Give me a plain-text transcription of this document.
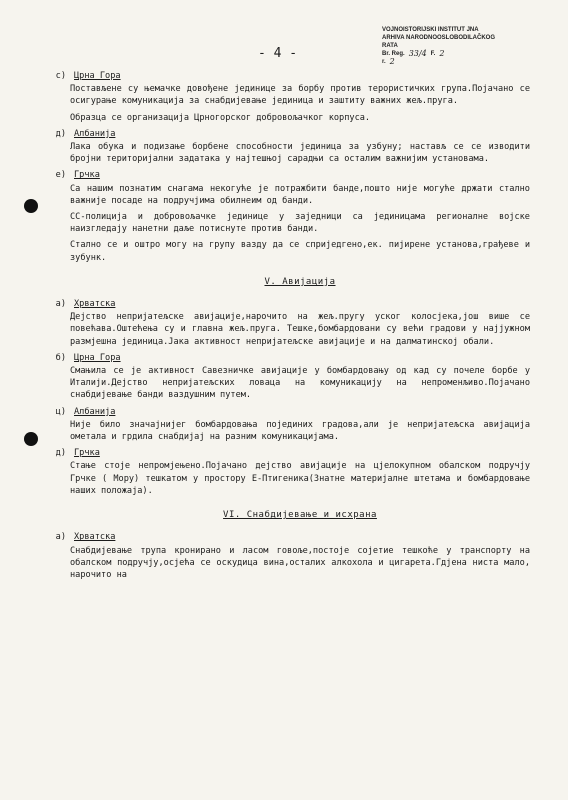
VOJNOISTORIJSKI INSTITUT JNA
ARHIVA NARODNOOSLOBODILAČKOG RATA
Br. Reg. 33/4 F. 2
r. 2
- 4 -
c) Црна Гора
Постављене су њемачке довођене јединице за борбу против терористичких група.Појачано се осигурање комуникација за снабдијевање јединица и заштиту важних жељ.пруга.
Образца се организација Црногорског добровољачког корпуса.
д) Албанија
Лака обука и подизање борбене способности јединица за узбуну; настављ се се изводити бројни територијални задатака у најтешњој сарадњи са осталим важнијим установама.
е) Грчка
Са нашим познатим снагама некогуће је потражбити банде,пошто није могуће држати стално важније посаде на подручјима обилнеим од банди.
СС-полиција и добровољачке јединице у заједници са јединицама регионалне војске наизгледају нанетни даље потиснуте против банди.
Стално се и оштро могу на групу вазду да се сприједгено,ек. пијирене установа,грађеве и зубунк.
V. Авијација
а) Хрватска
Дејство непријатељске авијације,нарочито на жељ.пругу уског колосјека,још више се повећава.Оштећења су и главна жељ.пруга. Тешке,бомбардовани су већи градови у најјужном размјешна јединица.Јака активност непријатељске авијације и на далматинској обали.
б) Црна Гора
Смањила се је активност Савезничке авијације у бомбардовању од кад су почеле борбе у Италији.Дејство непријатељских ловаца на комуникацију на непроменљиво.Појачано снабдијевање банди ваздушним путем.
ц) Албанија
Није било значајнијег бомбардовања појединих градова,али је непријатељска авијација ометала и грдила снабдијај на разним комуникацијама.
д) Грчка
Стање стоје непромјењено.Појачано дејство авијације на цјелокупном обалском подручју Грчке ( Мору) тешкатом у простору Е-Птигеника(Знатне материјалне штетама и бомбардовање наших положаја).
VI. Снабдијевање и исхрана
а) Хрватска
Снабдијевање трупа кронирано и ласом говоље,постоје сојетие тешкоће у транспорту на обалском подручју,осјећа се оскудица вина,осталих алкохола и цигарета.Гдјена ниста мало, нарочито на
